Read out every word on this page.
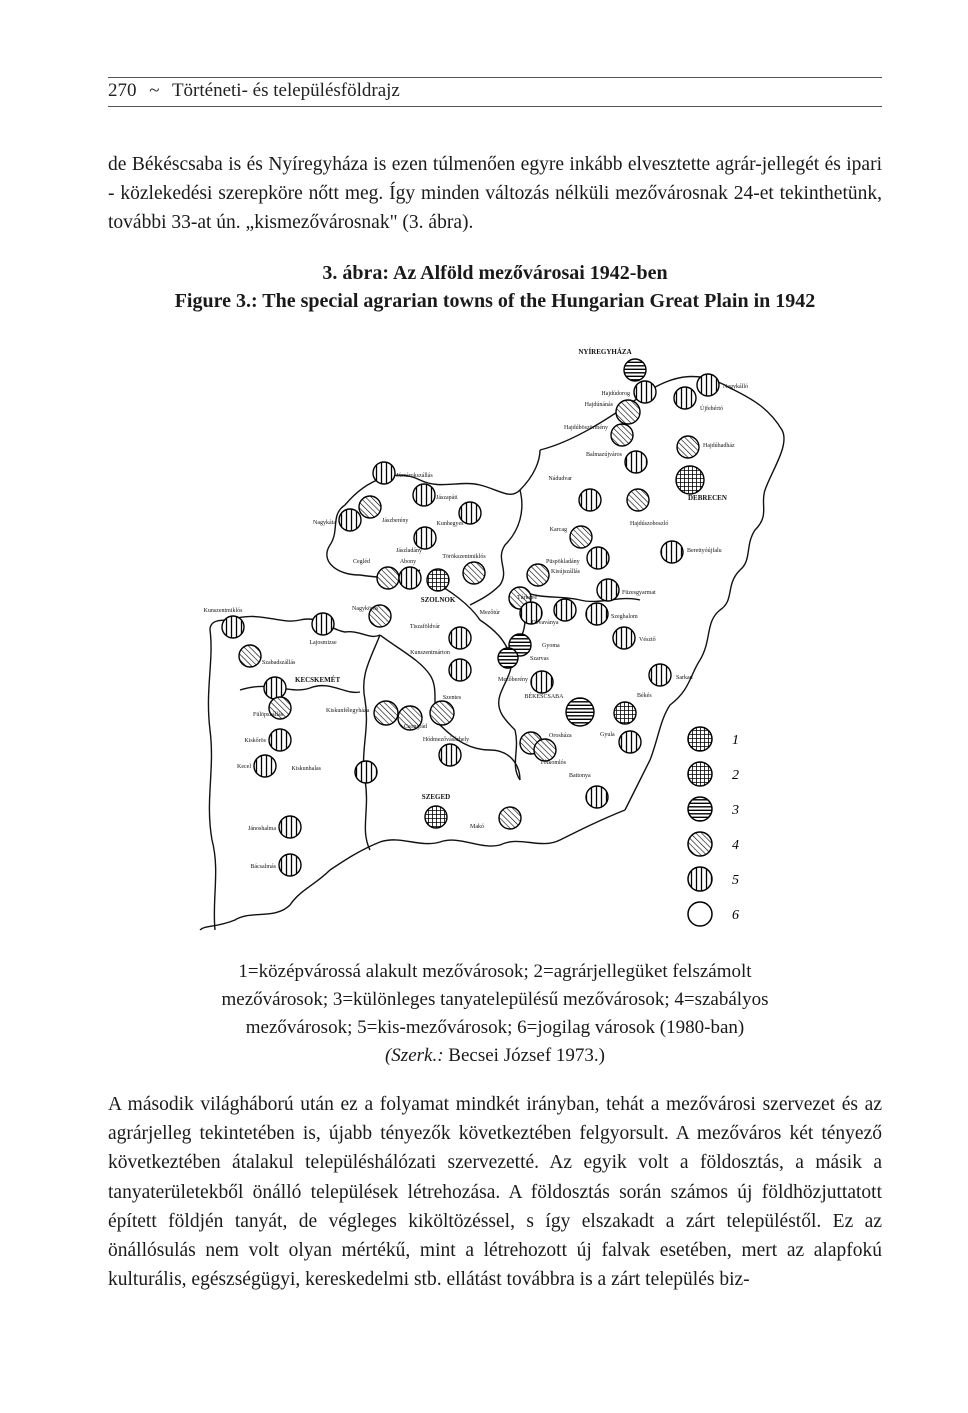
270 ~ Történeti- és településföldrajz
de Békéscsaba is és Nyíregyháza is ezen túlmenően egyre inkább elvesztette agrár-jellegét és ipari - közlekedési szerepköre nőtt meg. Így minden változás nélküli mezővárosnak 24-et tekinthetünk, további 33-at ún. „kismezővárosnak" (3. ábra).
3. ábra: Az Alföld mezővárosai 1942-ben
Figure 3.: The special agrarian towns of the Hungarian Great Plain in 1942
NYÍREGYHÁZA
Nagykálló
Hajdúdorog
Hajdúnánás
Újfehértó
Hajdúböszörmény
Hajdúhadház
Balmazújváros
DEBRECEN
Nádudvar
Hajdúszoboszló
Jászárokszállás
Jászapáti
Jászberény
Nagykáta	Kunhegyes
Karcag
Jászladány	Berettyóújfalu
Cegléd	Abony
Törökszentmiklós
Püspökladány
Kisújszállás
SZOLNOK
Nagykörös
Mezőtúr
Túrkeve
Füzesgyarmat
Kunszentmiklós
Dévaványa
Szeghalom
Lajosmizse
Tiszaföldvár
Kunszentmárton
Gyoma
Vésztő
Szabadszállás
Szarvas
Sarkad
KECSKEMÉT	Mezőberény
Szentes	BÉKÉSCSABA	Békés
Fülöpszállás
Kiskunfélegyháza
Csongrád
Kiskőrös
Orosháza	Gyula
Tótkomlós
Kecel	Kiskunhalas
Hódmezővásárhely
Battonya
SZEGED
Makó
Jánoshalma
Bácsalmás
1
2
3
4
5
6
1=középvárossá alakult mezővárosok; 2=agrárjellegüket felszámolt
mezővárosok; 3=különleges tanyatelepülésű mezővárosok; 4=szabályos
mezővárosok; 5=kis-mezővárosok; 6=jogilag városok (1980-ban)
(Szerk.: Becsei József 1973.)
A második világháború után ez a folyamat mindkét irányban, tehát a mezővárosi szervezet és az agrárjelleg tekintetében is, újabb tényezők következtében felgyorsult. A mezőváros két tényező következtében átalakul településhálózati szervezetté. Az egyik volt a földosztás, a másik a tanyaterületekből önálló települések létrehozása. A földosztás során számos új földhözjuttatott épített földjén tanyát, de végleges kiköltözéssel, s így elszakadt a zárt településtől. Ez az önállósulás nem volt olyan mértékű, mint a létrehozott új falvak esetében, mert az alapfokú kulturális, egészségügyi, kereskedelmi stb. ellátást továbbra is a zárt település biz-
